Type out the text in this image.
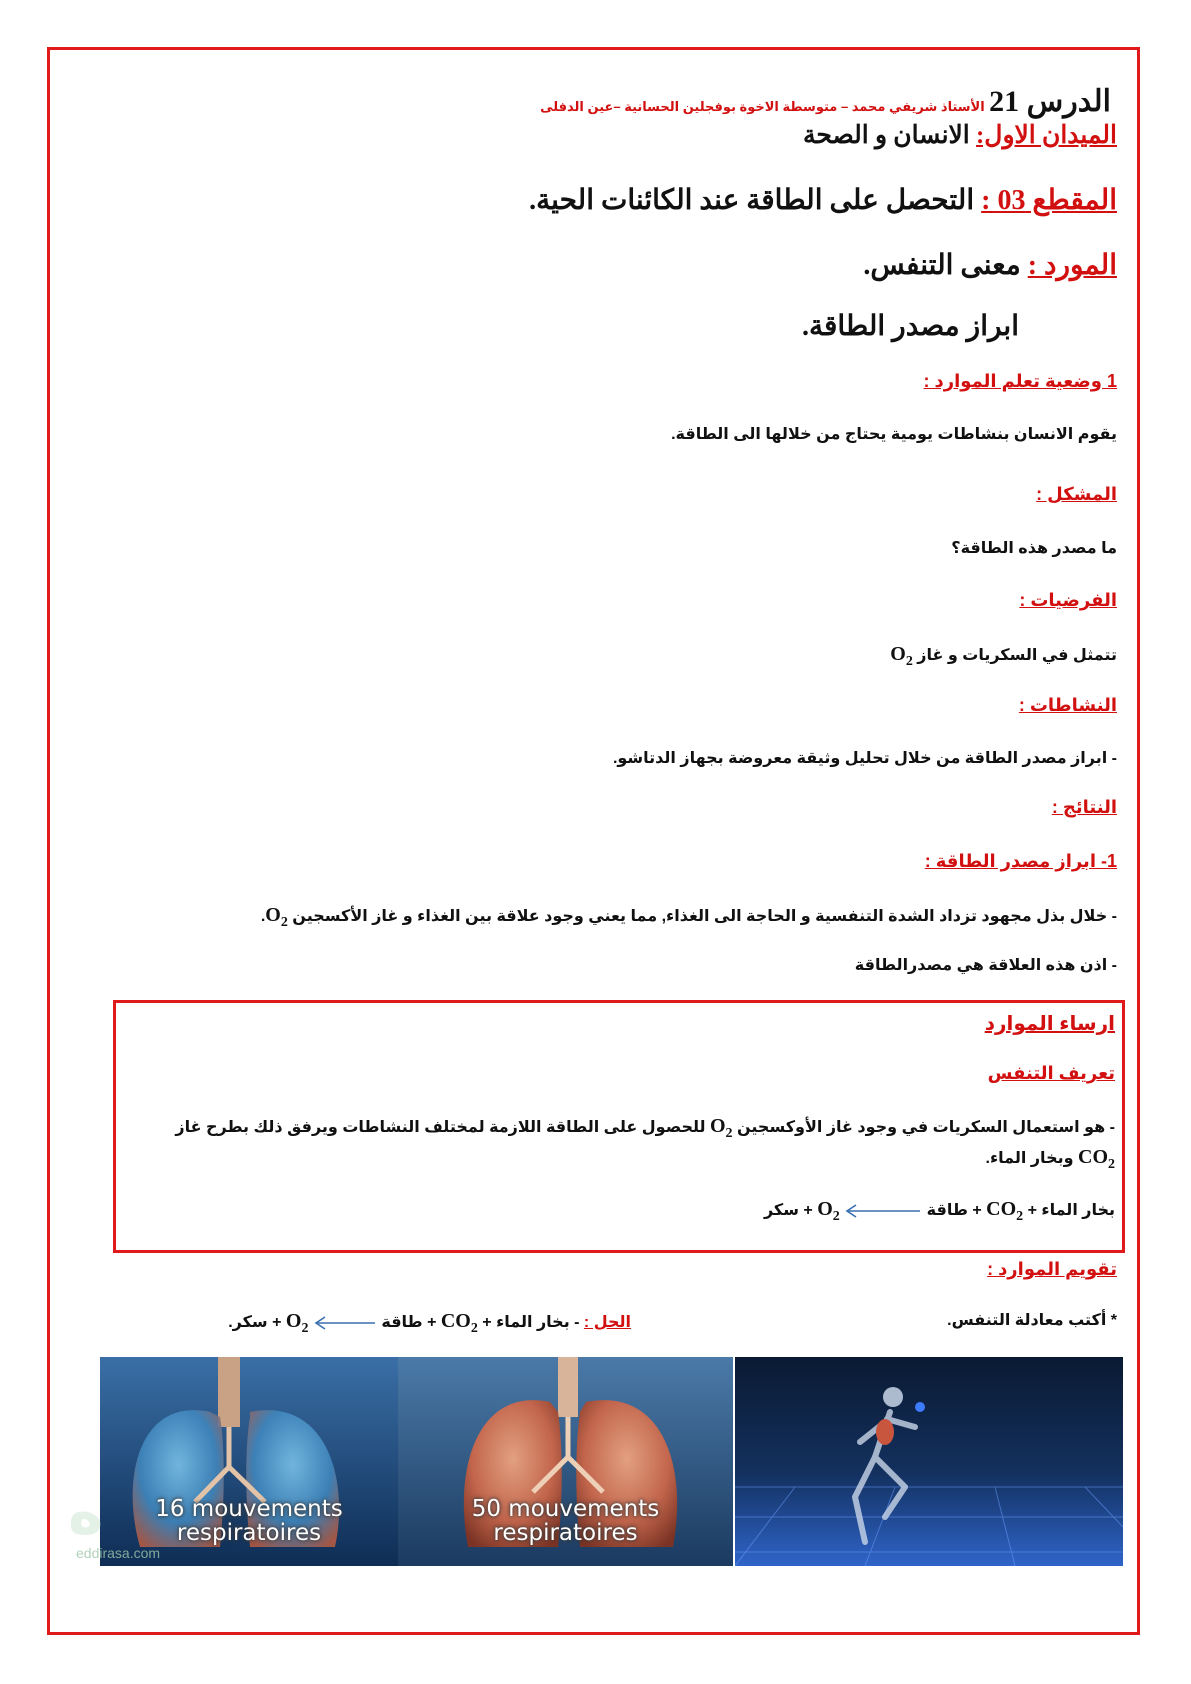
الدرس 21 الأستاذ شريفي محمد – متوسطة الاخوة بوفجلين الحسانية –عين الدفلى
الميدان الاول: الانسان و الصحة
المقطع 03 : التحصل على الطاقة عند الكائنات الحية.
المورد : معنى التنفس.
ابراز مصدر الطاقة.
1 وضعية تعلم الموارد :
يقوم الانسان بنشاطات يومية يحتاج من خلالها الى الطاقة.
المشكل :
ما مصدر هذه الطاقة؟
الفرضيات :
تتمثل في السكريات و غاز $O_2$
النشاطات :
- ابراز مصدر الطاقة من خلال تحليل وثيقة معروضة بجهاز الدتاشو.
النتائج :
1- ابراز مصدر الطاقة :
- خلال بذل مجهود تزداد الشدة التنفسية و الحاجة الى الغذاء, مما يعني وجود علاقة بين الغذاء و غاز الأكسجين $O_2$.
- اذن هذه العلاقة هي مصدرالطاقة
ارساء الموارد
تعريف التنفس
- هو استعمال السكريات في وجود غاز الأوكسجين $O_2$ للحصول على الطاقة اللازمة لمختلف النشاطات ويرفق ذلك بطرح غاز
$CO_2$ وبخار الماء.
بخار الماء + $CO_2$ + طاقة  $O_2$ + سكر
تقويم الموارد :
* أكتب معادلة التنفس.
الحل : - بخار الماء + $CO_2$ + طاقة  $O_2$ + سكر.
16 mouvements
respiratoires
50 mouvements
respiratoires
ه
eddirasa.com
